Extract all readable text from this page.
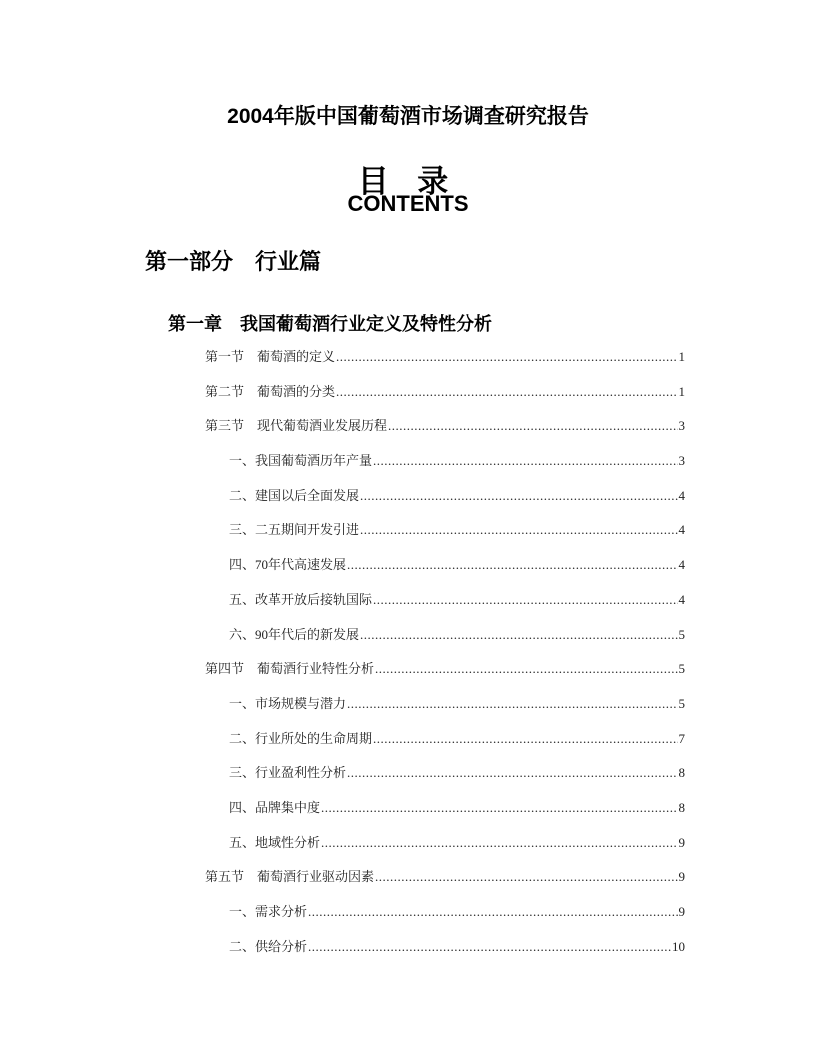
2004年版中国葡萄酒市场调查研究报告
目 录
CONTENTS
第一部分　行业篇
第一章　我国葡萄酒行业定义及特性分析
第一节　葡萄酒的定义 .....	1
第二节　葡萄酒的分类 .....	1
第三节　现代葡萄酒业发展历程 .....	3
一、我国葡萄酒历年产量 .....	3
二、建国以后全面发展 .....	4
三、二五期间开发引进 .....	4
四、70年代高速发展 .....	4
五、改革开放后接轨国际 .....	4
六、90年代后的新发展 .....	5
第四节　葡萄酒行业特性分析 .....	5
一、市场规模与潜力 .....	5
二、行业所处的生命周期 .....	7
三、行业盈利性分析 .....	8
四、品牌集中度 .....	8
五、地域性分析 .....	9
第五节　葡萄酒行业驱动因素 .....	9
一、需求分析 .....	9
二、供给分析 .....	10
